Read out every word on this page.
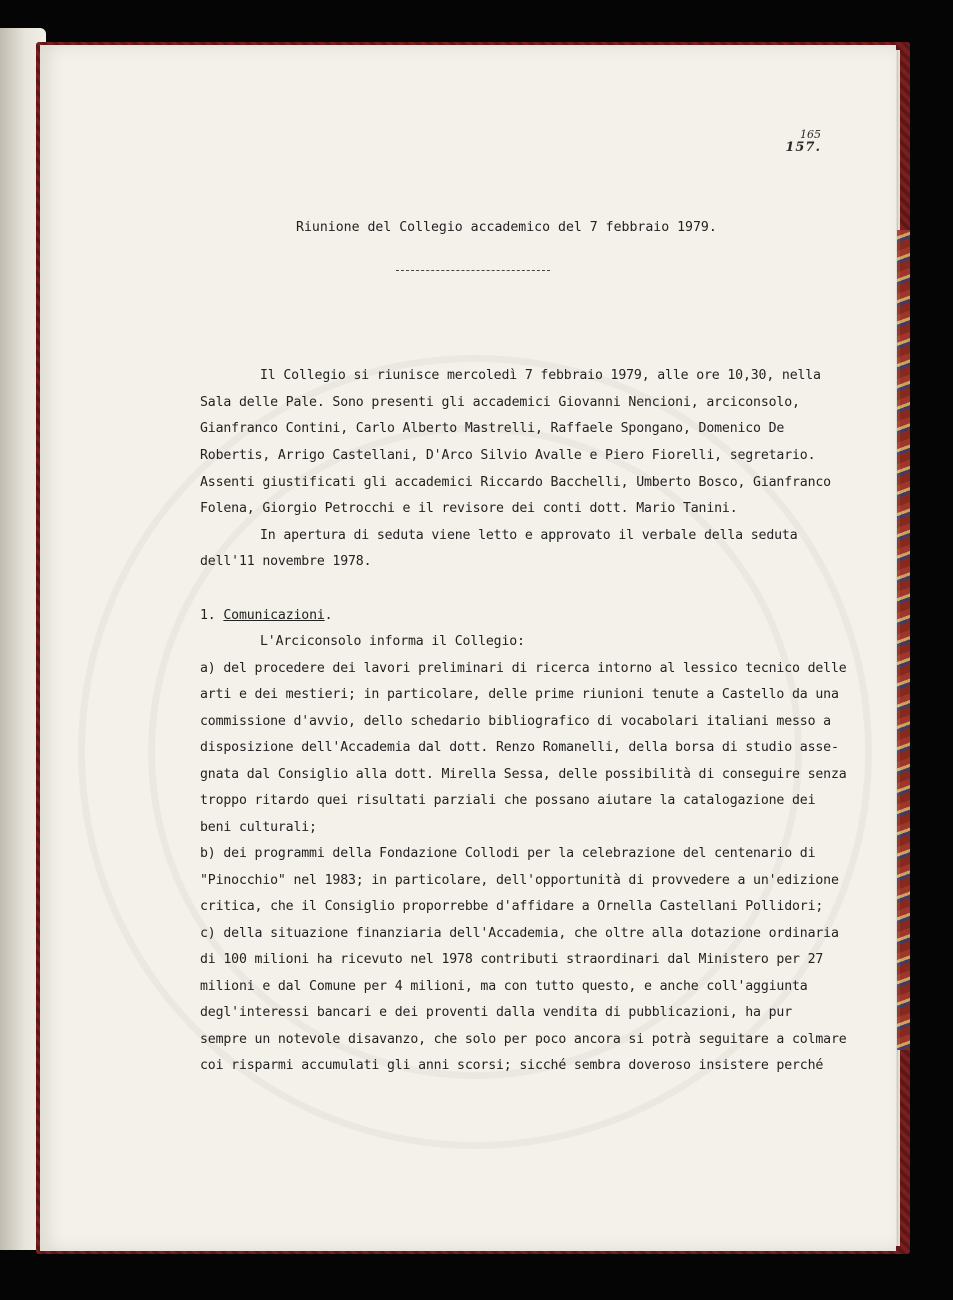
165
157.
Riunione del Collegio accademico del 7 febbraio 1979.
Il Collegio si riunisce mercoledì 7 febbraio 1979, alle ore 10,30, nella
Sala delle Pale. Sono presenti gli accademici Giovanni Nencioni, arciconsolo,
Gianfranco Contini, Carlo Alberto Mastrelli, Raffaele Spongano, Domenico De
Robertis, Arrigo Castellani, D'Arco Silvio Avalle e Piero Fiorelli, segretario.
Assenti giustificati gli accademici Riccardo Bacchelli, Umberto Bosco, Gianfranco
Folena, Giorgio Petrocchi e il revisore dei conti dott. Mario Tanini.
In apertura di seduta viene letto e approvato il verbale della seduta
dell'11 novembre 1978.
1. Comunicazioni.
L'Arciconsolo informa il Collegio:
a) del procedere dei lavori preliminari di ricerca intorno al lessico tecnico delle
arti e dei mestieri; in particolare, delle prime riunioni tenute a Castello da una
commissione d'avvio, dello schedario bibliografico di vocabolari italiani messo a
disposizione dell'Accademia dal dott. Renzo Romanelli, della borsa di studio asse-
gnata dal Consiglio alla dott. Mirella Sessa, delle possibilità di conseguire senza
troppo ritardo quei risultati parziali che possano aiutare la catalogazione dei
beni culturali;
b) dei programmi della Fondazione Collodi per la celebrazione del centenario di
"Pinocchio" nel 1983; in particolare, dell'opportunità di provvedere a un'edizione
critica, che il Consiglio proporrebbe d'affidare a Ornella Castellani Pollidori;
c) della situazione finanziaria dell'Accademia, che oltre alla dotazione ordinaria
di 100 milioni ha ricevuto nel 1978 contributi straordinari dal Ministero per 27
milioni e dal Comune per 4 milioni, ma con tutto questo, e anche coll'aggiunta
degl'interessi bancari e dei proventi dalla vendita di pubblicazioni, ha pur
sempre un notevole disavanzo, che solo per poco ancora si potrà seguitare a colmare
coi risparmi accumulati gli anni scorsi; sicché sembra doveroso insistere perché
